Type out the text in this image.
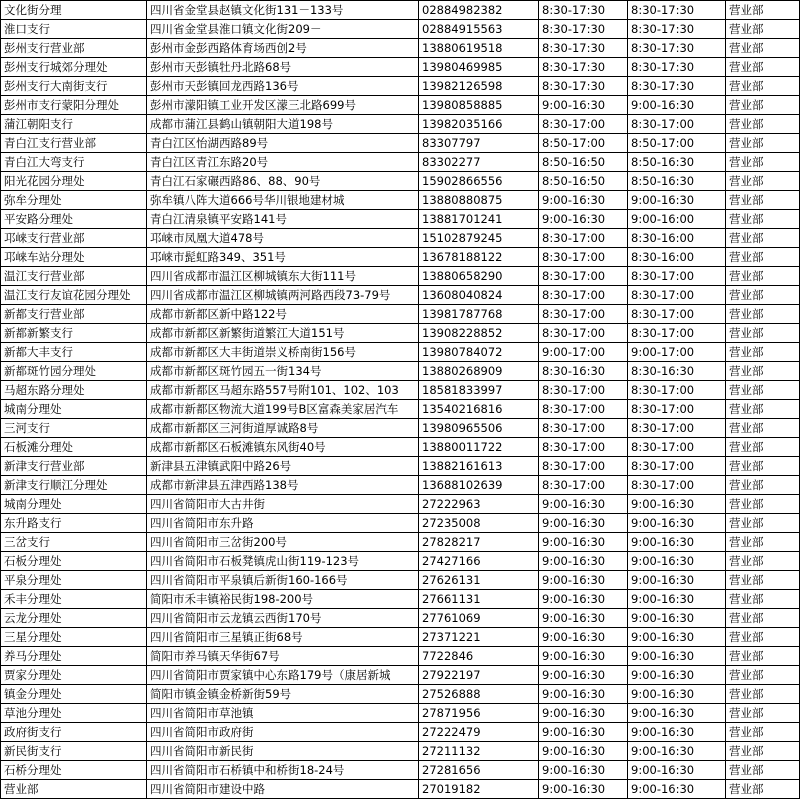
文化街分理	四川省金堂县赵镇文化街131－133号	02884982382	8:30-17:30	8:30-17:30	营业部
淮口支行	四川省金堂县淮口镇文化街209－	02884915563	8:30-17:30	8:30-17:30	营业部
彭州支行营业部	彭州市金彭西路体育场西创2号	13880619518	8:30-17:30	8:30-17:30	营业部
彭州支行城郊分理处	彭州市天彭镇牡丹北路68号	13980469985	8:30-17:30	8:30-17:30	营业部
彭州支行大南街支行	彭州市天彭镇回龙西路136号	13982126598	8:30-17:30	8:30-17:30	营业部
彭州市支行蒙阳分理处	彭州市濛阳镇工业开发区濛三北路699号	13980858885	9:00-16:30	9:00-16:30	营业部
蒲江朝阳支行	成都市蒲江县鹤山镇朝阳大道198号	13982035166	8:30-17:00	8:30-17:00	营业部
青白江支行营业部	青白江区怡湖西路89号	83307797	8:50-17:00	8:50-17:00	营业部
青白江大弯支行	青白江区青江东路20号	83302277	8:50-16:50	8:50-16:30	营业部
阳光花园分理处	青白江石家碾西路86、88、90号	15902866556	8:50-16:50	8:50-16:30	营业部
弥牟分理处	弥牟镇八阵大道666号华川银地建材城	13880880875	9:00-16:30	9:00-16:30	营业部
平安路分理处	青白江清泉镇平安路141号	13881701241	9:00-16:30	9:00-16:00	营业部
邛崃支行营业部	邛崃市凤凰大道478号	15102879245	8:30-17:00	8:30-16:00	营业部
邛崃车站分理处	邛崃市髭虹路349、351号	13678188122	8:30-17:00	8:30-16:00	营业部
温江支行营业部	四川省成都市温江区柳城镇东大街111号	13880658290	8:30-17:00	8:30-17:00	营业部
温江支行友谊花园分理处	四川省成都市温江区柳城镇两河路西段73-79号	13608040824	8:30-17:00	8:30-17:00	营业部
新都支行营业部	成都市新都区新中路122号	13981787768	8:30-17:00	8:30-17:00	营业部
新都新繁支行	成都市新都区新繁街道繁江大道151号	13908228852	8:30-17:00	8:30-17:00	营业部
新都大丰支行	成都市新都区大丰街道崇义桥南街156号	13980784072	9:00-17:00	9:00-17:00	营业部
新都斑竹园分理处	成都市新都区斑竹园五一街134号	13880268909	8:30-16:30	8:30-16:30	营业部
马超东路分理处	成都市新都区马超东路557号附101、102、103	18581833997	8:30-17:00	8:30-17:00	营业部
城南分理处	成都市新都区物流大道199号B区富森美家居汽车	13540216816	8:30-17:00	8:30-17:00	营业部
三河支行	成都市新都区三河街道厚诚路8号	13980965506	8:30-17:00	8:30-17:00	营业部
石板滩分理处	成都市新都区石板滩镇东风街40号	13880011722	8:30-17:00	8:30-17:00	营业部
新津支行营业部	新津县五津镇武阳中路26号	13882161613	8:30-17:00	8:30-17:00	营业部
新津支行顺江分理处	成都市新津县五津西路138号	13688102639	8:30-17:00	8:30-17:00	营业部
城南分理处	四川省简阳市大古井街	27222963	9:00-16:30	9:00-16:30	营业部
东升路支行	四川省简阳市东升路	27235008	9:00-16:30	9:00-16:30	营业部
三岔支行	四川省简阳市三岔街200号	27828217	9:00-16:30	9:00-16:30	营业部
石板分理处	四川省简阳市石板凳镇虎山街119-123号	27427166	9:00-16:30	9:00-16:30	营业部
平泉分理处	四川省简阳市平泉镇后新街160-166号	27626131	9:00-16:30	9:00-16:30	营业部
禾丰分理处	简阳市禾丰镇裕民街198-200号	27661131	9:00-16:30	9:00-16:30	营业部
云龙分理处	四川省简阳市云龙镇云西街170号	27761069	9:00-16:30	9:00-16:30	营业部
三星分理处	四川省简阳市三星镇正街68号	27371221	9:00-16:30	9:00-16:30	营业部
养马分理处	简阳市养马镇天华街67号	7722846	9:00-16:30	9:00-16:30	营业部
贾家分理处	四川省简阳市贾家镇中心东路179号（康居新城	27922197	9:00-16:30	9:00-16:30	营业部
镇金分理处	简阳市镇金镇金桥新街59号	27526888	9:00-16:30	9:00-16:30	营业部
草池分理处	四川省简阳市草池镇	27871956	9:00-16:30	9:00-16:30	营业部
政府街支行	四川省简阳市政府街	27222479	9:00-16:30	9:00-16:30	营业部
新民街支行	四川省简阳市新民街	27211132	9:00-16:30	9:00-16:30	营业部
石桥分理处	四川省简阳市石桥镇中和桥街18-24号	27281656	9:00-16:30	9:00-16:30	营业部
营业部	四川省简阳市建设中路	27019182	9:00-16:30	9:00-16:30	营业部
